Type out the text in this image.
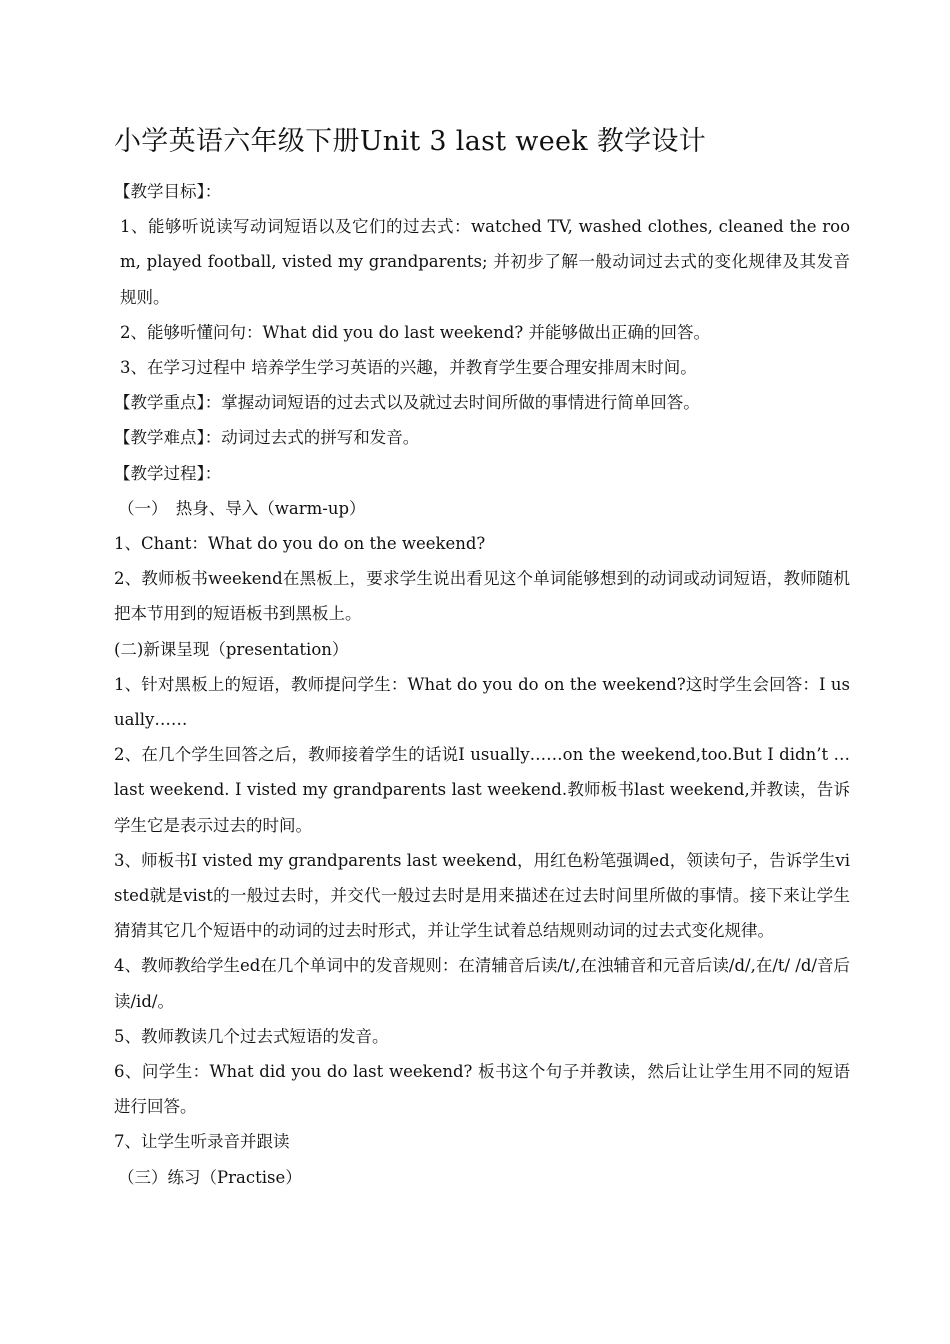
小学英语六年级下册Unit 3 last week 教学设计

【教学目标】：

1、能够听说读写动词短语以及它们的过去式：watched TV, washed clothes, cleaned the room, played football, visted my grandparents; 并初步了解一般动词过去式的变化规律及其发音规则。

2、能够听懂问句：What did you do last weekend? 并能够做出正确的回答。

3、在学习过程中 培养学生学习英语的兴趣，并教育学生要合理安排周末时间。

【教学重点】：掌握动词短语的过去式以及就过去时间所做的事情进行简单回答。

【教学难点】：动词过去式的拼写和发音。

【教学过程】：

（一）　热身、导入（warm-up）

1、Chant：What do you do on the weekend?

2、教师板书weekend在黑板上，要求学生说出看见这个单词能够想到的动词或动词短语，教师随机把本节用到的短语板书到黑板上。

(二)新课呈现（presentation）

1、针对黑板上的短语，教师提问学生：What do you do on the weekend?这时学生会回答：I usually……

2、在几个学生回答之后，教师接着学生的话说I usually……on the weekend,too.But I didn’t …last weekend. I visted my grandparents last weekend.教师板书last weekend,并教读，告诉学生它是表示过去的时间。

3、师板书I visted my grandparents last weekend，用红色粉笔强调ed，领读句子，告诉学生visted就是vist的一般过去时，并交代一般过去时是用来描述在过去时间里所做的事情。接下来让学生猜猜其它几个短语中的动词的过去时形式，并让学生试着总结规则动词的过去式变化规律。

4、教师教给学生ed在几个单词中的发音规则：在清辅音后读/t/,在浊辅音和元音后读/d/,在/t/ /d/音后读/id/。

5、教师教读几个过去式短语的发音。

6、问学生：What did you do last weekend? 板书这个句子并教读，然后让让学生用不同的短语进行回答。

7、让学生听录音并跟读

（三）练习（Practise）
